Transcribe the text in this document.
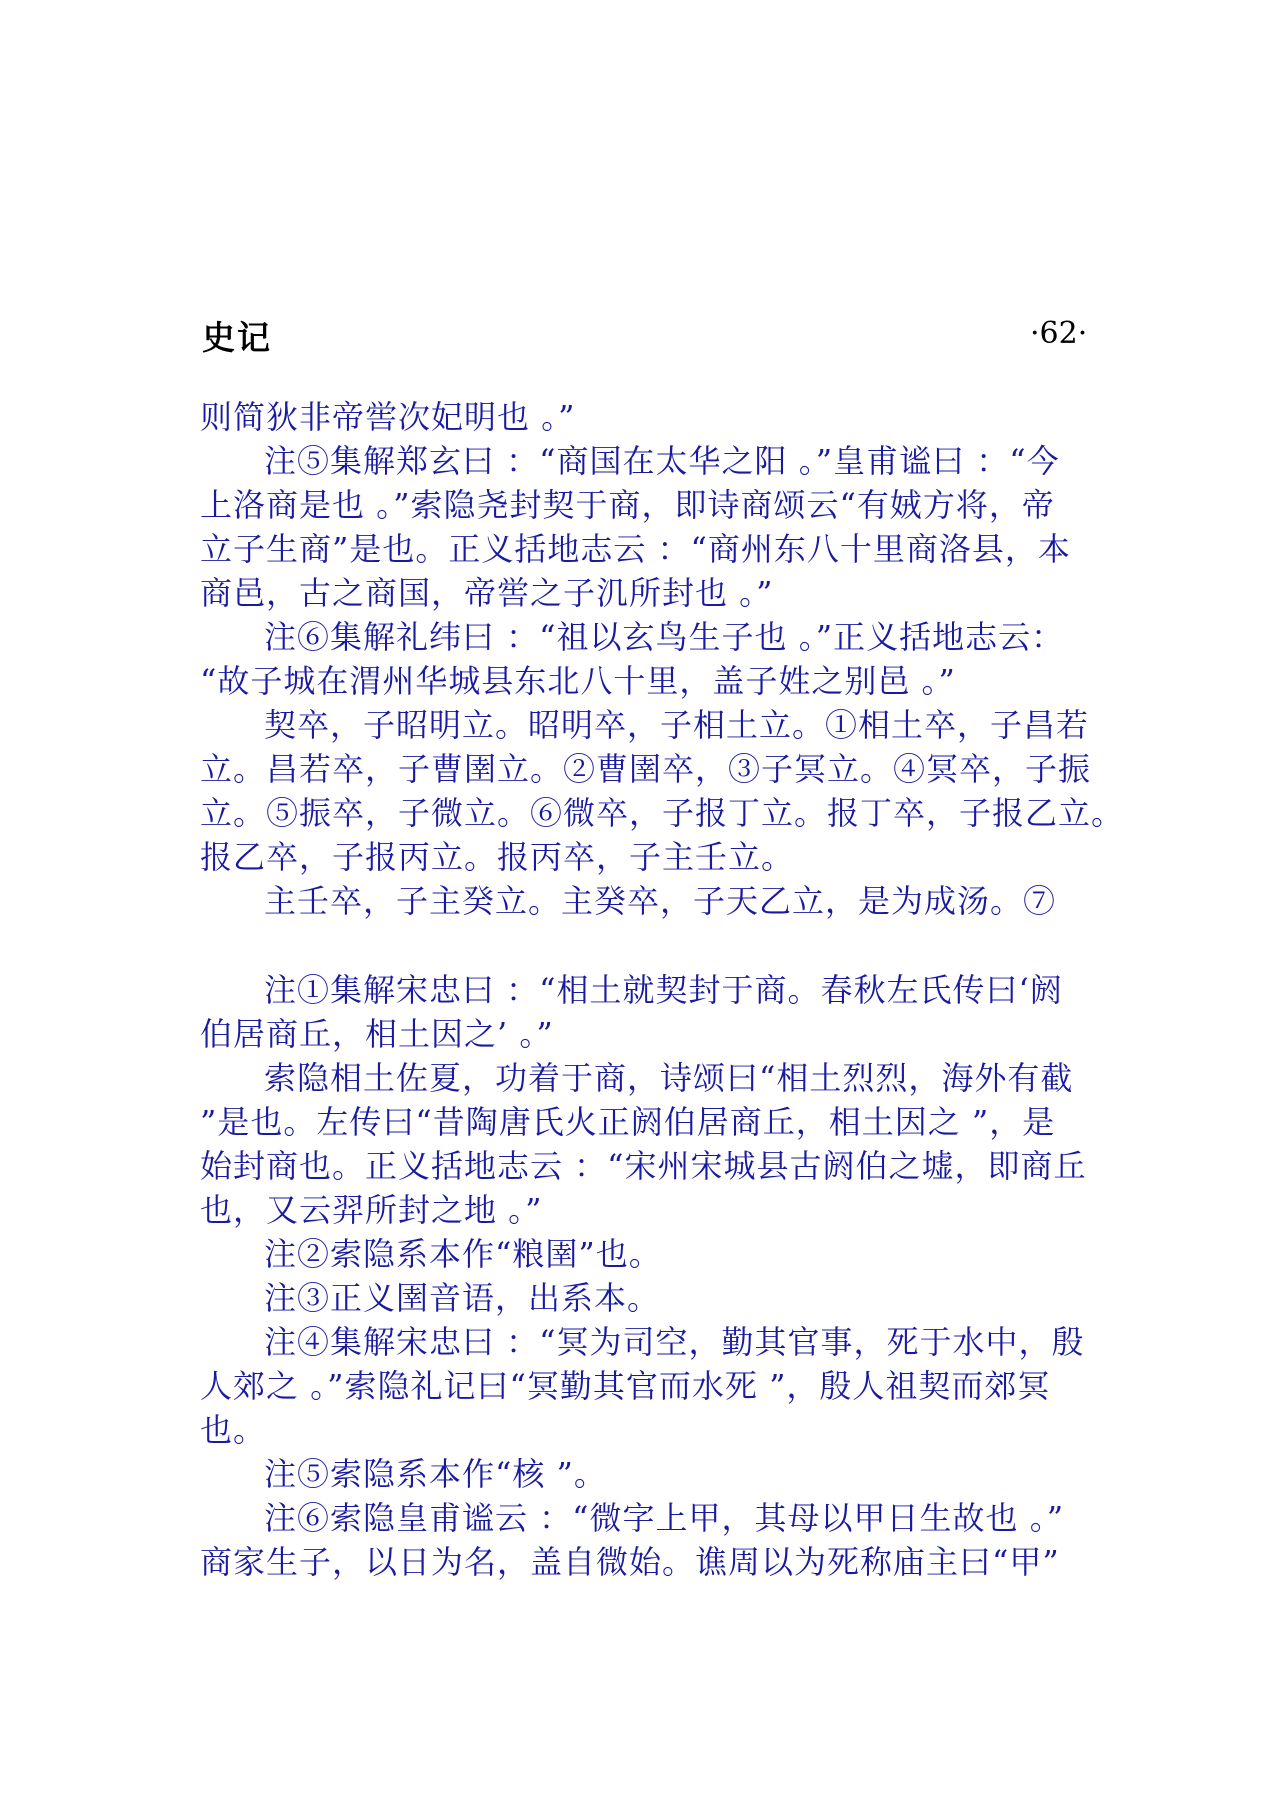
史记	·62·
则简狄非帝喾次妃明也 。”
注⑤集解郑玄曰 ：“商国在太华之阳 。”皇甫谧曰 ：“今
上洛商是也 。”索隐尧封契于商，即诗商颂云“有娀方将，帝
立子生商”是也。正义括地志云 ：“商州东八十里商洛县，本
商邑，古之商国，帝喾之子㲹所封也 。”
注⑥集解礼纬曰 ：“祖以玄鸟生子也 。”正义括地志云：
“故子城在渭州华城县东北八十里，盖子姓之别邑 。”
契卒，子昭明立。昭明卒，子相土立。①相土卒，子昌若
立。昌若卒，子曹圉立。②曹圉卒，③子冥立。④冥卒，子振
立。⑤振卒，子微立。⑥微卒，子报丁立。报丁卒，子报乙立。
报乙卒，子报丙立。报丙卒，子主壬立。
主壬卒，子主癸立。主癸卒，子天乙立，是为成汤。⑦
注①集解宋忠曰 ：“相土就契封于商。春秋左氏传曰‘阏
伯居商丘，相土因之’ 。”
索隐相土佐夏，功着于商，诗颂曰“相土烈烈，海外有截
”是也。左传曰“昔陶唐氏火正阏伯居商丘，相土因之 ”，是
始封商也。正义括地志云 ：“宋州宋城县古阏伯之墟，即商丘
也，又云羿所封之地 。”
注②索隐系本作“粮圉”也。
注③正义圉音语，出系本。
注④集解宋忠曰 ：“冥为司空，勤其官事，死于水中，殷
人郊之 。”索隐礼记曰“冥勤其官而水死 ”，殷人祖契而郊冥
也。
注⑤索隐系本作“核 ”。
注⑥索隐皇甫谧云 ：“微字上甲，其母以甲日生故也 。”
商家生子，以日为名，盖自微始。谯周以为死称庙主曰“甲”
